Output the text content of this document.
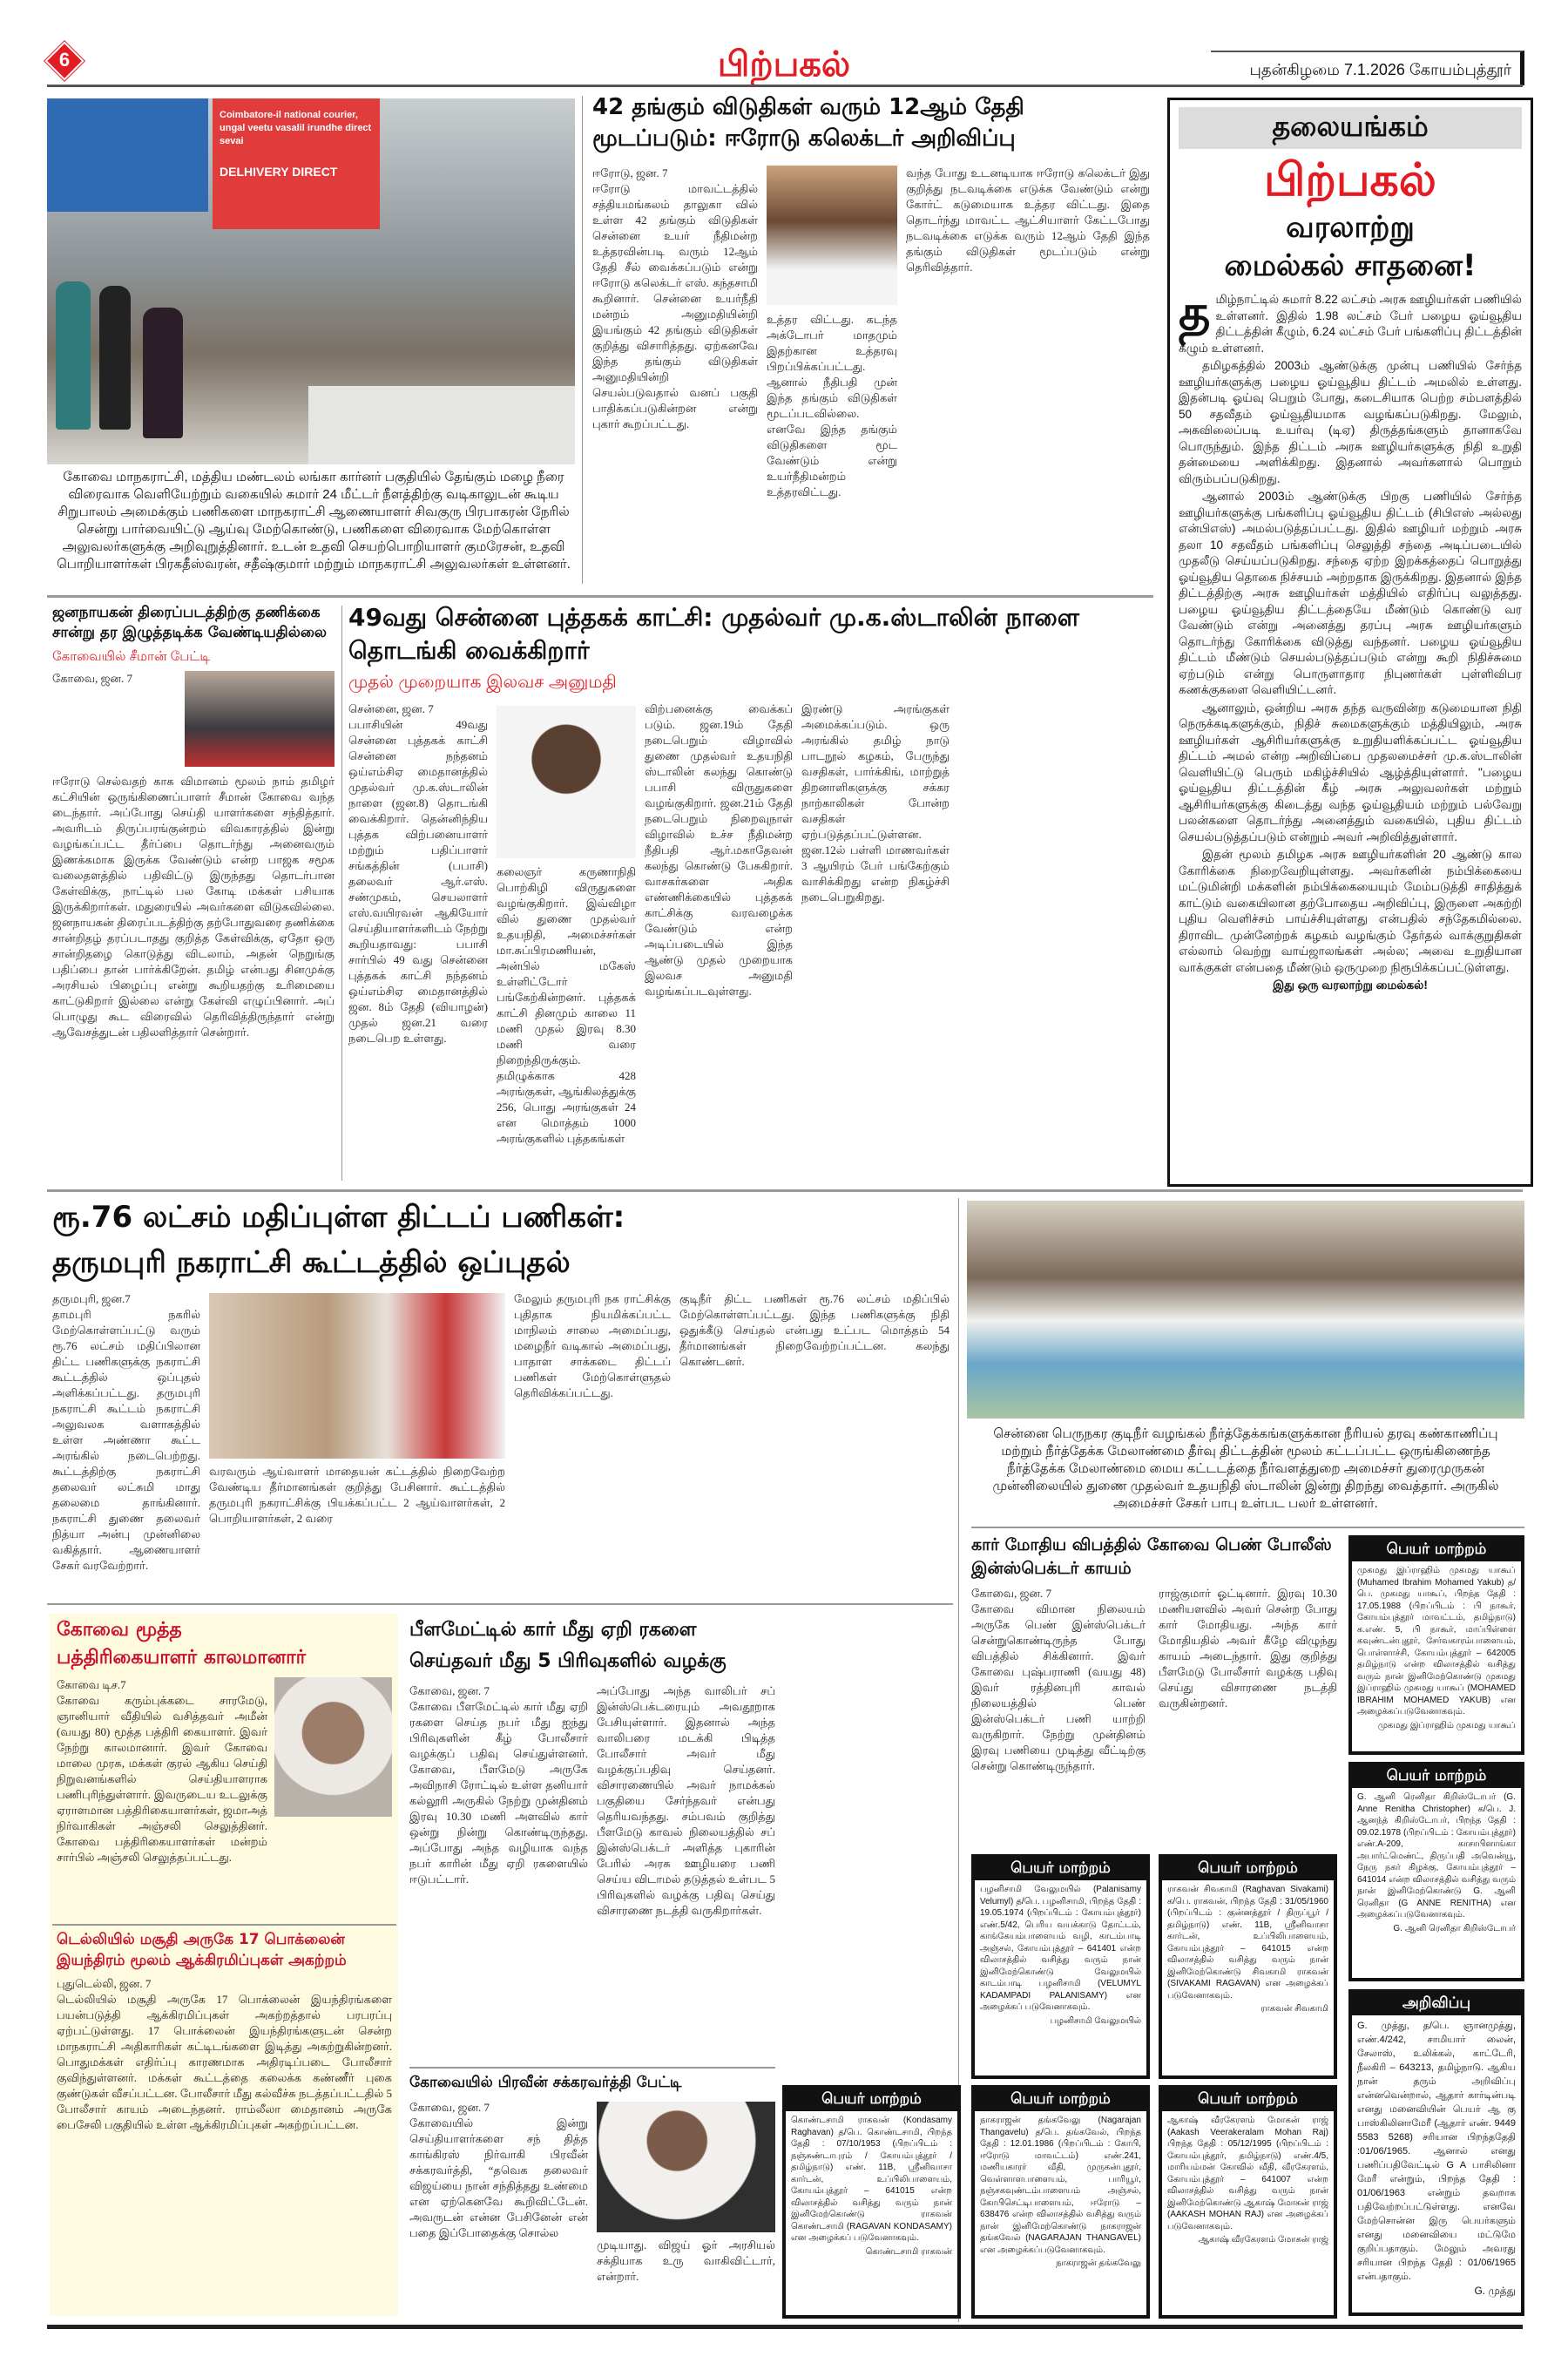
6	பிற்பகல்	புதன்கிழமை 7.1.2026 கோயம்புத்தூர்
Coimbatore-il national courier, ungal veetu vasalil irundhe direct sevai
DELHIVERY DIRECT
கோவை மாநகராட்சி, மத்திய மண்டலம் லங்கா கார்னர் பகுதியில் தேங்கும் மழை நீரை விரைவாக வெளியேற்றும் வகையில் சுமார் 24 மீட்டர் நீளத்திற்கு வடிகாலுடன் கூடிய சிறுபாலம் அமைக்கும் பணிகளை மாநகராட்சி ஆணையாளர் சிவகுரு பிரபாகரன் நேரில் சென்று பார்வையிட்டு ஆய்வு மேற்கொண்டு, பணிகளை விரைவாக மேற்கொள்ள அலுவலர்களுக்கு அறிவுறுத்தினார். உடன் உதவி செயற்பொறியாளர் குமரேசன், உதவி பொறியாளர்கள் பிரகதீஸ்வரன், சதீஷ்குமார் மற்றும் மாநகராட்சி அலுவலர்கள் உள்ளனர்.
42 தங்கும் விடுதிகள் வரும் 12ஆம் தேதி மூடப்படும்: ஈரோடு கலெக்டர் அறிவிப்பு
ஈரோடு, ஜன. 7
ஈரோடு மாவட்டத்தில் சத்தியமங்கலம் தாலுகா வில் உள்ள 42 தங்கும் விடுதிகள் சென்னை உயர் நீதிமன்ற உத்தரவின்படி வரும் 12ஆம் தேதி சீல் வைக்கப்படும் என்று ஈரோடு கலெக்டர் எஸ். கந்தசாமி கூறினார். சென்னை உயர்நீதி மன்றம் அனுமதியின்றி இயங்கும் 42 தங்கும் விடுதிகள் குறித்து விசாரித்தது. ஏற்கனவே இந்த தங்கும் விடுதிகள் அனுமதியின்றி செயல்படுவதால் வனப் பகுதி பாதிக்கப்படுகின்றன என்று புகார் கூறப்பட்டது.
உத்தர விட்டது. கடந்த அக்டோபர் மாதமும் இதற்கான உத்தரவு பிறப்பிக்கப்பட்டது. ஆனால் நீதிபதி முன் இந்த தங்கும் விடுதிகள் மூடப்படவில்லை. எனவே இந்த தங்கும் விடுதிகளை மூட வேண்டும் என்று உயர்நீதிமன்றம் உத்தரவிட்டது.
வந்த போது உடனடியாக ஈரோடு கலெக்டர் இது குறித்து நடவடிக்கை எடுக்க வேண்டும் என்று கோர்ட் கடுமையாக உத்தர விட்டது. இதை தொடர்ந்து மாவட்ட ஆட்சியாளர் கேட்டபோது நடவடிக்கை எடுக்க வரும் 12ஆம் தேதி இந்த தங்கும் விடுதிகள் மூடப்படும் என்று தெரிவித்தார்.
தலையங்கம்
பிற்பகல்
வரலாற்று
மைல்கல் சாதனை!

தமிழ்நாட்டில் சுமார் 8.22 லட்சம் அரசு ஊழியர்கள் பணியில் உள்ளனர். இதில் 1.98 லட்சம் பேர் பழைய ஓய்வூதிய திட்டத்தின் கீழும், 6.24 லட்சம் பேர் பங்களிப்பு திட்டத்தின் கீழும் உள்ளனர்.

தமிழகத்தில் 2003ம் ஆண்டுக்கு முன்பு பணியில் சேர்ந்த ஊழியர்களுக்கு பழைய ஓய்வூதிய திட்டம் அமலில் உள்ளது. இதன்படி ஓய்வு பெறும் போது, கடைசியாக பெற்ற சம்பளத்தில் 50 சதவீதம் ஓய்வூதியமாக வழங்கப்படுகிறது. மேலும், அகவிலைப்படி உயர்வு (டிஏ) திருத்தங்களும் தானாகவே பொருந்தும். இந்த திட்டம் அரசு ஊழியர்களுக்கு நிதி உறுதி தன்மையை அளிக்கிறது. இதனால் அவர்களால் பொறும் விரும்பப்படுகிறது.

ஆனால் 2003ம் ஆண்டுக்கு பிறகு பணியில் சேர்ந்த ஊழியர்களுக்கு பங்களிப்பு ஓய்வூதிய திட்டம் (சிபிஎஸ் அல்லது என்பிஎஸ்) அமல்படுத்தப்பட்டது. இதில் ஊழியர் மற்றும் அரசு தலா 10 சதவீதம் பங்களிப்பு செலுத்தி சந்தை அடிப்படையில் முதலீடு செய்யப்படுகிறது. சந்தை ஏற்ற இறக்கத்தைப் பொறுத்து ஓய்வூதிய தொகை நிச்சயம் அற்றதாக இருக்கிறது. இதனால் இந்த திட்டத்திற்கு அரசு ஊழியர்கள் மத்தியில் எதிர்ப்பு வலுத்தது. பழைய ஓய்வூதிய திட்டத்தையே மீண்டும் கொண்டு வர வேண்டும் என்று அனைத்து தரப்பு அரசு ஊழியர்களும் தொடர்ந்து கோரிக்கை விடுத்து வந்தனர். பழைய ஓய்வூதிய திட்டம் மீண்டும் செயல்படுத்தப்படும் என்று கூறி நிதிச்சுமை ஏற்படும் என்று பொருளாதார நிபுணர்கள் புள்ளிவிபர கணக்குகளை வெளியிட்டனர்.

ஆனாலும், ஒன்றிய அரசு தந்த வருவின்ற கடுமையான நிதி நெருக்கடிகளுக்கும், நிதிச் சுமைகளுக்கும் மத்தியிலும், அரசு ஊழியர்கள் ஆசிரியர்களுக்கு உறுதியளிக்கப்பட்ட ஓய்வூதிய திட்டம் அமல் என்ற அறிவிப்பை முதலமைச்சர் மு.க.ஸ்டாலின் வெளியிட்டு பெரும் மகிழ்ச்சியில் ஆழ்த்தியுள்ளார். "பழைய ஓய்வூதிய திட்டத்தின் கீழ் அரசு அலுவலர்கள் மற்றும் ஆசிரியர்களுக்கு கிடைத்து வந்த ஓய்வூதியம் மற்றும் பல்வேறு பலன்களை தொடர்ந்து அனைத்தும் வகையில், புதிய திட்டம் செயல்படுத்தப்படும் என்றும் அவர் அறிவித்துள்ளார்.

இதன் மூலம் தமிழக அரசு ஊழியர்களின் 20 ஆண்டு கால கோரிக்கை நிறைவேறியுள்ளது. அவர்களின் நம்பிக்கையை மட்டுமின்றி மக்களின் நம்பிக்கையையும் மேம்படுத்தி சாதித்துக் காட்டும் வகையிலான தற்போதைய அறிவிப்பு, இருளை அகற்றி புதிய வெளிச்சம் பாய்ச்சியுள்ளது என்பதில் சந்தேகமில்லை. திராவிட முன்னேற்றக் கழகம் வழங்கும் தேர்தல் வாக்குறுதிகள் எல்லாம் வெற்று வாய்ஜாலங்கள் அல்ல; அவை உறுதியான வாக்குகள் என்பதை மீண்டும் ஒருமுறை நிரூபிக்கப்பட்டுள்ளது.

இது ஒரு வரலாற்று மைல்கல்!

ஜனநாயகன் திரைப்படத்திற்கு தணிக்கை சான்று தர இழுத்தடிக்க வேண்டியதில்லை
கோவையில் சீமான் பேட்டி
கோவை, ஜன. 7
ஈரோடு செல்வதற் காக விமானம் மூலம் நாம் தமிழர் கட்சியின் ஒருங்கிணைப்பாளர் சீமான் கோவை வந்த டைந்தார். அப்போது செய்தி யாளர்களை சந்தித்தார். அவரிடம் திருப்பரங்குன்றம் விவகாரத்தில் இன்று வழங்கப்பட்ட தீர்ப்பை தொடர்ந்து அனைவரும் இணக்கமாக இருக்க வேண்டும் என்ற பாஜக சமூக வலைதளத்தில் பதிவிட்டு இருந்தது தொடர்பான கேள்விக்கு, நாட்டில் பல கோடி மக்கள் பசியாக இருக்கிறார்கள். மதுரையில் அவர்களை விடுகவில்லை. ஜனநாயகன் திரைப்படத்திற்கு தற்போதுவரை தணிக்கை சான்றிதழ் தரப்படாதது குறித்த கேள்விக்கு, ஏதோ ஒரு சான்றிதழை கொடுத்து விடலாம், அதன் நெறுங்கு பதிப்பை தான் பார்க்கிறேன். தமிழ் என்பது சினமுக்கு அரசியல் பிழைப்பு என்று கூறியதற்கு உரிமையை காட்டுகிறார் இல்லை என்று கேள்வி எழுப்பினார். அப் பொழுது கூட விரைவில் தெரிவித்திருந்தார் என்று ஆவேசத்துடன் பதிலளித்தார் சென்றார்.
49வது சென்னை புத்தகக் காட்சி: முதல்வர் மு.க.ஸ்டாலின் நாளை தொடங்கி வைக்கிறார்
முதல் முறையாக இலவச அனுமதி
சென்னை, ஜன. 7
பபாசியின் 49வது சென்னை புத்தகக் காட்சி சென்னை நந்தனம் ஒய்எம்சிஏ மைதானத்தில் முதல்வர் மு.க.ஸ்டாலின் நாளை (ஜன.8) தொடங்கி வைக்கிறார். தென்னிந்திய புத்தக விற்பனையாளர் மற்றும் பதிப்பாளர் சங்கத்தின் (பபாசி) தலைவர் ஆர்.எஸ். சண்முகம், செயலாளர் எஸ்.வயிரவன் ஆகியோர் செய்தியாளர்களிடம் நேற்று கூறியதாவது: பபாசி சார்பில் 49 வது சென்னை புத்தகக் காட்சி நந்தனம் ஒய்எம்சிஏ மைதானத்தில் ஜன. 8ம் தேதி (வியாழன்) முதல் ஜன.21 வரை நடைபெற உள்ளது.
கலைஞர் கருணாநிதி பொற்கிழி விருதுகளை வழங்குகிறார். இவ்விழா வில் துணை முதல்வர் உதயநிதி, அமைச்சர்கள் மா.சுப்பிரமணியன், அன்பில் மகேஸ் உள்ளிட்டோர் பங்கேற்கின்றனர். புத்தகக் காட்சி தினமும் காலை 11 மணி முதல் இரவு 8.30 மணி வரை நிறைந்திருக்கும். தமிழுக்காக 428 அரங்குகள், ஆங்கிலத்துக்கு 256, பொது அரங்குகள் 24 என மொத்தம் 1000 அரங்குகளில் புத்தகங்கள்
விற்பனைக்கு வைக்கப் படும். ஜன.19ம் தேதி நடைபெறும் விழாவில் துணை முதல்வர் உதயநிதி ஸ்டாலின் கலந்து கொண்டு பபாசி விருதுகளை வழங்குகிறார். ஜன.21ம் தேதி நடைபெறும் நிறைவுநாள் விழாவில் உச்ச நீதிமன்ற நீதிபதி ஆர்.மகாதேவன் கலந்து கொண்டு பேசுகிறார். வாசகர்களை அதிக எண்ணிக்கையில் புத்தகக் காட்சிக்கு வரவழைக்க வேண்டும் என்ற அடிப்படையில் இந்த ஆண்டு முதல் முறையாக இலவச அனுமதி வழங்கப்படவுள்ளது.
இரண்டு அரங்குகள் அமைக்கப்படும். ஒரு அரங்கில் தமிழ் நாடு பாடநூல் கழகம், பேருந்து வசதிகள், பார்க்கிங், மாற்றுத் திறனாளிகளுக்கு சக்கர நாற்காலிகள் போன்ற வசதிகள் ஏற்படுத்தப்பட்டுள்ளன. ஜன.12ல் பள்ளி மாணவர்கள் 3 ஆயிரம் பேர் பங்கேற்கும் வாசிக்கிறது என்ற நிகழ்ச்சி நடைபெறுகிறது.
ரூ.76 லட்சம் மதிப்புள்ள திட்டப் பணிகள்:
தருமபுரி நகராட்சி கூட்டத்தில் ஒப்புதல்
தருமபுரி, ஜன.7
தாமபுரி நகரில் மேற்கொள்ளப்பட்டு வரும் ரூ.76 லட்சம் மதிப்பிலான திட்ட பணிகளுக்கு நகராட்சி கூட்டத்தில் ஒப்புதல் அளிக்கப்பட்டது. தருமபுரி நகராட்சி கூட்டம் நகராட்சி அலுவலக வளாகத்தில் உள்ள அண்ணா கூட்ட அரங்கில் நடைபெற்றது. கூட்டத்திற்கு நகராட்சி தலைவர் லட்சுமி மாது தலைமை தாங்கினார். நகராட்சி துணை தலைவர் நித்யா அன்பு முன்னிலை வகித்தார். ஆணையாளர் சேகர் வரவேற்றார்.
வரவரும் ஆய்வாளர் மாதையன் கட்டத்தில் நிறைவேற்ற வேண்டிய தீர்மானங்கள் குறித்து பேசினார். கூட்டத்தில் தருமபுரி நகராட்சிக்கு பியக்கப்பட்ட 2 ஆய்வாளர்கள், 2 பொறியாளர்கள், 2 வரை
மேலும் தருமபுரி நக ராட்சிக்கு புதிதாக நியமிக்கப்பட்ட மாநிலம் சாலை அமைப்பது, மழைநீர் வடிகால் அமைப்பது, பாதாள சாக்கடை திட்டப் பணிகள் மேற்கொள்ளுதல் தெரிவிக்கப்பட்டது.
குடிநீர் திட்ட பணிகள் ரூ.76 லட்சம் மதிப்பில் மேற்கொள்ளப்பட்டது. இந்த பணிகளுக்கு நிதி ஒதுக்கீடு செய்தல் என்பது உட்பட மொத்தம் 54 தீர்மானங்கள் நிறைவேற்றப்பட்டன. கலந்து கொண்டனர்.
சென்னை பெருநகர குடிநீர் வழங்கல் நீர்த்தேக்கங்களுக்கான நீரியல் தரவு கண்காணிப்பு மற்றும் நீர்த்தேக்க மேலாண்மை தீர்வு திட்டத்தின் மூலம் கட்டப்பட்ட ஒருங்கிணைந்த நீர்த்தேக்க மேலாண்மை மைய கட்டடத்தை நீர்வளத்துறை அமைச்சர் துரைமுருகன் முன்னிலையில் துணை முதல்வர் உதயநிதி ஸ்டாலின் இன்று திறந்து வைத்தார். அருகில் அமைச்சர் சேகர் பாபு உள்பட பலர் உள்ளனர்.
கார் மோதிய விபத்தில் கோவை பெண் போலீஸ் இன்ஸ்பெக்டர் காயம்
கோவை, ஜன. 7
கோவை விமான நிலையம் அருகே பெண் இன்ஸ்பெக்டர் சென்றுகொண்டிருந்த போது விபத்தில் சிக்கினார். இவர் கோவை புஷ்பராணி (வயது 48) இவர் ரத்தினபுரி காவல் நிலையத்தில் பெண் இன்ஸ்பெக்டர் பணி யாற்றி வருகிறார். நேற்று முன்தினம் இரவு பணியை முடித்து வீட்டிற்கு சென்று கொண்டிருந்தார்.
ராஜ்குமார் ஓட்டினார். இரவு 10.30 மணியளவில் அவர் சென்ற போது கார் மோதியது. அந்த கார் மோதியதில் அவர் கீழே விழுந்து காயம் அடைந்தார். இது குறித்து பீளமேடு போலீசார் வழக்கு பதிவு செய்து விசாரணை நடத்தி வருகின்றனர்.
பெயர் மாற்றம்
முகமது இப்ராஹிம் முகமது யாகூப் (Muhamed Ibrahim Mohamed Yakub) த/பெ. முகமது யாகூப், பிறந்த தேதி : 17.05.1988 (பிறப்பிடம் : பி நாகூர், கோயம்புத்தூர் மாவட்டம், தமிழ்நாடு) க.எண். 5, பி நாகூர், மாப்பிள்ளை கவுண்டன்புதூர், சேர்வகாரம்பாளையம், பொள்ளாச்சி, கோயம்புத்தூர் – 642005 தமிழ்நாடு என்ற விலாசத்தில் வசித்து வரும் நான் இனிமேற்கொண்டு முகமது இப்ராஹிம் முகமது யாகூப் (MOHAMED IBRAHIM MOHAMED YAKUB) என அழைக்கப்படுவேனாகவும்.
முகமது இப்ராஹிம் முகமது யாகூப்
பெயர் மாற்றம்
G. ஆனி ரெனிதா கிறிஸ்டோபர் (G. Anne Renitha Christopher) க/பெ. J. ஆனந்த் கிறிஸ்டோபர், பிறந்த தேதி : 09.02.1978 (பிறப்பிடம் : கோயம்புத்தூர்) எண்.A-209, காசாபிளாங்கா அபார்ட்மெண்ட், திருப்பதி அவென்யூ, நேரு நகர் கிழக்கு, கோயம்புத்தூர் – 641014 என்ற விலாசத்தில் வசித்து வரும் நான் இனிமேற்கொண்டு G. ஆனி ரெனிதா (G ANNE RENITHA) என அழைக்கப்படுவேனாகவும்.
G. ஆனி ரெனிதா கிறிஸ்டோபர்
அறிவிப்பு
G. முத்து, த/பெ. ஞானமுத்து, எண்.4/242, சாமியார் லைன், சேலாஸ், உலிக்கல், காட்டேரி, நீலகிரி – 643213, தமிழ்நாடு. ஆகிய நான் தரும் அறிவிப்பு என்னவென்றால், ஆதார் கார்டின்படி எனது மனைவியின் பெயர் ஆ கு பாஸ்கிலினாமேரீ (ஆதார் எண். 9449 5583 5268) சரியான பிறந்ததேதி :01/06/1965. ஆனால் எனது பணிப்பதிவேட்டில் G A பாசிலினா மேரீ என்றும், பிறந்த தேதி : 01/06/1963 என்றும் தவறாக பதிவேற்றப்பட்டுள்ளது. எனவே மேற்சொன்ன இரு பெயர்களும் எனது மனைவியை மட்டுமே குறிப்பதாகும். மேலும் அவரது சரியான பிறந்த தேதி : 01/06/1965 என்பதாகும்.
G. முத்து
பெயர் மாற்றம்
பழனிசாமி வேலுமயில் (Palanisamy Velumyl) த/பெ. பழனிசாமி, பிறந்த தேதி : 19.05.1974 (பிறப்பிடம் : கோயம்புத்தூர்) எண்.5/42, பெரிய வயக்காடு தோட்டம், காங்கேயம்பாளையம் வழி, காடம்பாடி அஞ்சல், கோயம்புத்தூர் – 641401 என்ற விலாசத்தில் வசித்து வரும் நான் இனிமேற்கொண்டு வேலுமயில் காடம்பாடி பழனிசாமி (VELUMYL KADAMPADI PALANISAMY) என அழைக்கப் படுவேனாகவும்.
பழனிசாமி வேலுமயில்
பெயர் மாற்றம்
ராகவன் சிவகாமி (Raghavan Sivakami) க/பெ. ராகவன், பிறந்த தேதி : 31/05/1960 (பிறப்பிடம் : குன்னத்தூர் / திருப்பூர் / தமிழ்நாடு) எண். 11B, ஸ்ரீனிவாசா கார்டன், உப்பிலிபாளையம், கோயம்புத்தூர் – 641015 என்ற விலாசத்தில் வசித்து வரும் நான் இனிமேற்கொண்டு சிவகாமி ராகவன் (SIVAKAMI RAGAVAN) என அழைக்கப் படுவேனாகவும்.
ராகவன் சிவகாமி
பெயர் மாற்றம்
கொண்டசாமி ராகவன் (Kondasamy Raghavan) த/பெ. கொண்டசாமி, பிறந்த தேதி : 07/10/1953 (பிறப்பிடம் : நஞ்சுண்டாபுரம் / கோயம்புத்தூர் / தமிழ்நாடு) எண். 11B, ஸ்ரீனிவாசா கார்டன், உப்பிலிபாளையம், கோயம்புத்தூர் – 641015 என்ற விலாசத்தில் வசித்து வரும் நான் இனிமேற்கொண்டு ராகவன் கொண்டசாமி (RAGAVAN KONDASAMY) என அழைக்கப் படுவேனாகவும்.
கொண்டசாமி ராகவன்
பெயர் மாற்றம்
நாகராஜன் தங்கவேலு (Nagarajan Thangavelu) த/பெ. தங்கவேல், பிறந்த தேதி : 12.01.1986 (பிறப்பிடம் : கோபி, ஈரோடு மாவட்டம்) எண்.241, மணியகாரர் வீதி, முருகன்புதூர், வெள்ளாளபாளையம், பாரியூர், நஞ்சகவுண்டம்பாளையம் அஞ்சல், கோபிசெட்டிபாளையம், ஈரோடு – 638476 என்ற விலாசத்தில் வசித்து வரும் நான் இனிமேற்கொண்டு நாகராஜன் தங்கவேல் (NAGARAJAN THANGAVEL) என அழைக்கப்படுவேனாகவும்.
நாகராஜன் தங்கவேலு
பெயர் மாற்றம்
ஆகாஷ் வீரகேரளம் மோகன் ராஜ் (Aakash Veerakeralam Mohan Raj) பிறந்த தேதி : 05/12/1995 (பிறப்பிடம் : கோயம்புத்தூர், தமிழ்நாடு) எண்.4/5, மாரியம்மன் கோவில் வீதி, வீரகேரளம், கோயம்புத்தூர் – 641007 என்ற விலாசத்தில் வசித்து வரும் நான் இனிமேற்கொண்டு ஆகாஷ் மோகன் ராஜ் (AAKASH MOHAN RAJ) என அழைக்கப் படுவேனாகவும்.
ஆகாஷ் வீரகேரளம் மோகன் ராஜ்
கோவை மூத்த
பத்திரிகையாளர் காலமானார்
கோவை டிச.7
கோவை கரும்புக்கடை சாரமேடு, ஞானியார் வீதியில் வசித்தவர் அமீன் (வயது 80) மூத்த பத்திரி கையாளர். இவர் நேற்று காலமானார். இவர் கோவை மாலை முரசு, மக்கள் குரல் ஆகிய செய்தி நிறுவனங்களில் செய்தியாளராக பணிபுரிந்துள்ளார். இவருடைய உடலுக்கு ஏராளமான பத்திரிகையாளர்கள், ஜமாஅத் நிர்வாகிகள் அஞ்சலி செலுத்தினர். கோவை பத்திரிகையாளர்கள் மன்றம் சார்பில் அஞ்சலி செலுத்தப்பட்டது.
டெல்லியில் மசூதி அருகே 17 பொக்லைன் இயந்திரம் மூலம் ஆக்கிரமிப்புகள் அகற்றம்
புதுடெல்லி, ஜன. 7
டெல்லியில் மசூதி அருகே 17 பொக்லைன் இயந்திரங்களை பயன்படுத்தி ஆக்கிரமிப்புகள் அகற்றத்தால் பரபரப்பு ஏற்பட்டுள்ளது. 17 பொக்லைன் இயந்திரங்களுடன் சென்ற மாநகராட்சி அதிகாரிகள் கட்டிடங்களை இடித்து அகற்றுகின்றனர். பொதுமக்கள் எதிர்ப்பு காரணமாக அதிரடிப்படை போலீசார் குவிந்துள்ளனர். மக்கள் கூட்டத்தை கலைக்க கண்ணீர் புகை குண்டுகள் வீசப்பட்டன. போலீசார் மீது கல்வீச்சு நடத்தப்பட்டதில் 5 போலீசார் காயம் அடைந்தனர். ராம்லீலா மைதானம் அருகே பைசேலி பகுதியில் உள்ள ஆக்கிரமிப்புகள் அகற்றப்பட்டன.
பீளமேட்டில் கார் மீது ஏறி ரகளை
செய்தவர் மீது 5 பிரிவுகளில் வழக்கு
கோவை, ஜன. 7
கோவை பீளமேட்டில் கார் மீது ஏறி ரகளை செய்த நபர் மீது ஐந்து பிரிவுகளின் கீழ் போலீசார் வழக்குப் பதிவு செய்துள்ளனர். கோவை, பீளமேடு அருகே அவிநாசி ரோட்டில் உள்ள தனியார் கல்லூரி அருகில் நேற்று முன்தினம் இரவு 10.30 மணி அளவில் கார் ஒன்று நின்று கொண்டிருந்தது. அப்போது அந்த வழியாக வந்த நபர் காரின் மீது ஏறி ரகளையில் ஈடுபட்டார்.
அப்போது அந்த வாலிபர் சப் இன்ஸ்பெக்டரையும் அவதூறாக பேசியுள்ளார். இதனால் அந்த வாலிபரை மடக்கி பிடித்த போலீசார் அவர் மீது வழக்குப்பதிவு செய்தனர். விசாரணையில் அவர் நாமக்கல் பகுதியை சேர்ந்தவர் என்பது தெரியவந்தது. சம்பவம் குறித்து பீளமேடு காவல் நிலையத்தில் சப் இன்ஸ்பெக்டர் அளித்த புகாரின் பேரில் அரசு ஊழியரை பணி செய்ய விடாமல் தடுத்தல் உள்பட 5 பிரிவுகளில் வழக்கு பதிவு செய்து விசாரணை நடத்தி வருகிறார்கள்.
கோவையில் பிரவீன் சக்கரவர்த்தி பேட்டி
கோவை, ஜன. 7
கோவையில் இன்று செய்தியாளர்களை சந் தித்த காங்கிரஸ் நிர்வாகி பிரவீன் சக்கரவர்த்தி, “தவெக தலைவர் விஜய்யை நான் சந்தித்தது உண்மை என ஏற்கெனவே கூறிவிட்டேன். அவருடன் என்ன பேசினேன் என் பதை இப்போதைக்கு சொல்ல
முடியாது. விஜய் ஓர் அரசியல் சக்தியாக உரு வாகிவிட்டார், என்றார்.
